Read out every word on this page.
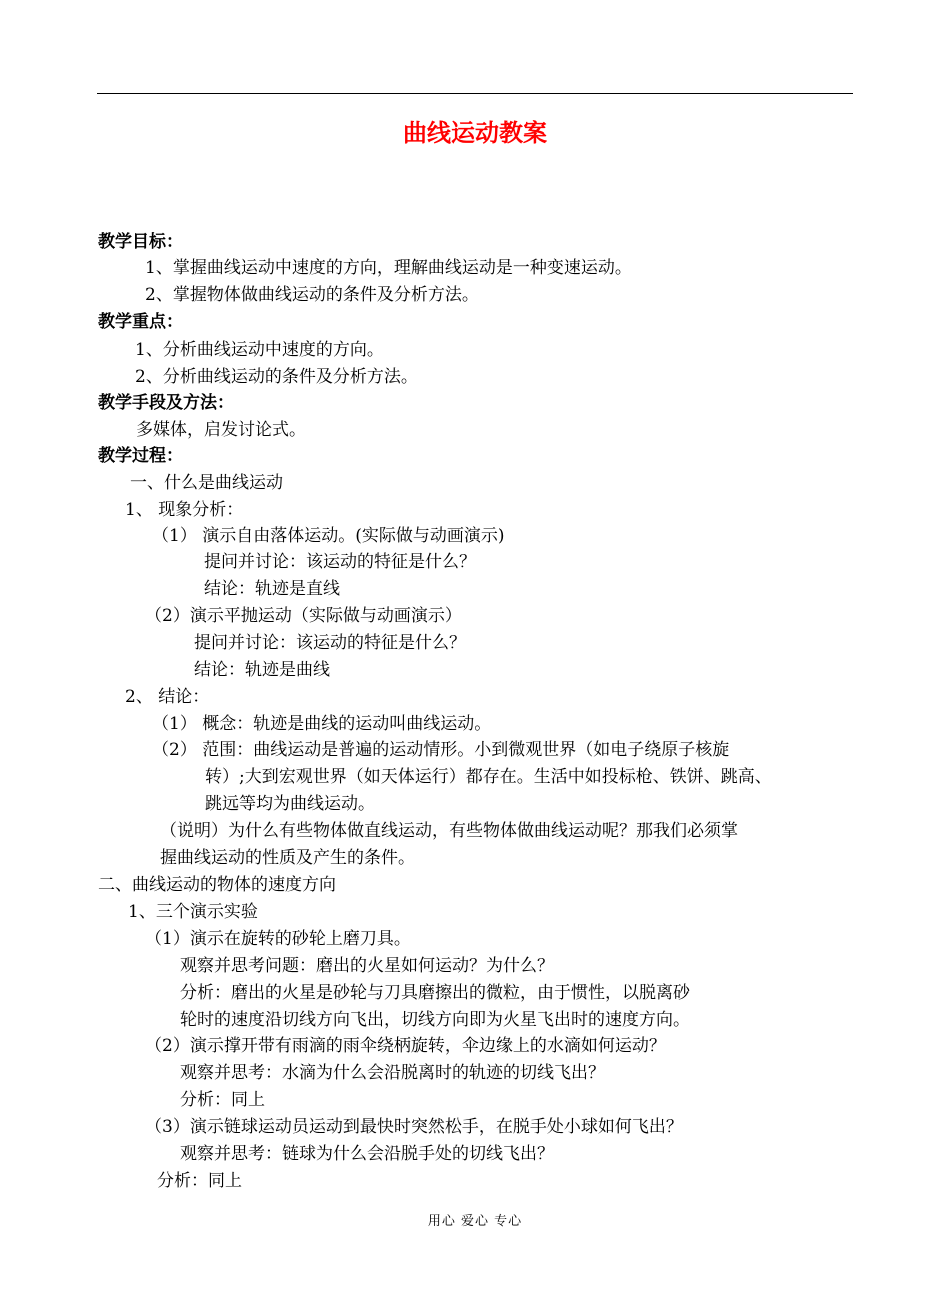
曲线运动教案
教学目标：
1、掌握曲线运动中速度的方向，理解曲线运动是一种变速运动。
2、掌握物体做曲线运动的条件及分析方法。
教学重点：
1、分析曲线运动中速度的方向。
2、分析曲线运动的条件及分析方法。
教学手段及方法：
多媒体，启发讨论式。
教学过程：
一、什么是曲线运动
1、 现象分析：
（1） 演示自由落体运动。(实际做与动画演示)
提问并讨论：该运动的特征是什么？
结论：轨迹是直线
（2）演示平抛运动（实际做与动画演示）
提问并讨论：该运动的特征是什么？
结论：轨迹是曲线
2、 结论：
（1） 概念：轨迹是曲线的运动叫曲线运动。
（2） 范围：曲线运动是普遍的运动情形。小到微观世界（如电子绕原子核旋
转）;大到宏观世界（如天体运行）都存在。生活中如投标枪、铁饼、跳高、
跳远等均为曲线运动。
（说明）为什么有些物体做直线运动，有些物体做曲线运动呢？那我们必须掌
握曲线运动的性质及产生的条件。
二、曲线运动的物体的速度方向
1、三个演示实验
（1）演示在旋转的砂轮上磨刀具。
观察并思考问题：磨出的火星如何运动？为什么？
分析：磨出的火星是砂轮与刀具磨擦出的微粒，由于惯性，以脱离砂
轮时的速度沿切线方向飞出，切线方向即为火星飞出时的速度方向。
（2）演示撑开带有雨滴的雨伞绕柄旋转，伞边缘上的水滴如何运动？
观察并思考：水滴为什么会沿脱离时的轨迹的切线飞出？
分析：同上
（3）演示链球运动员运动到最快时突然松手，在脱手处小球如何飞出？
观察并思考：链球为什么会沿脱手处的切线飞出？
分析：同上
用心 爱心 专心
